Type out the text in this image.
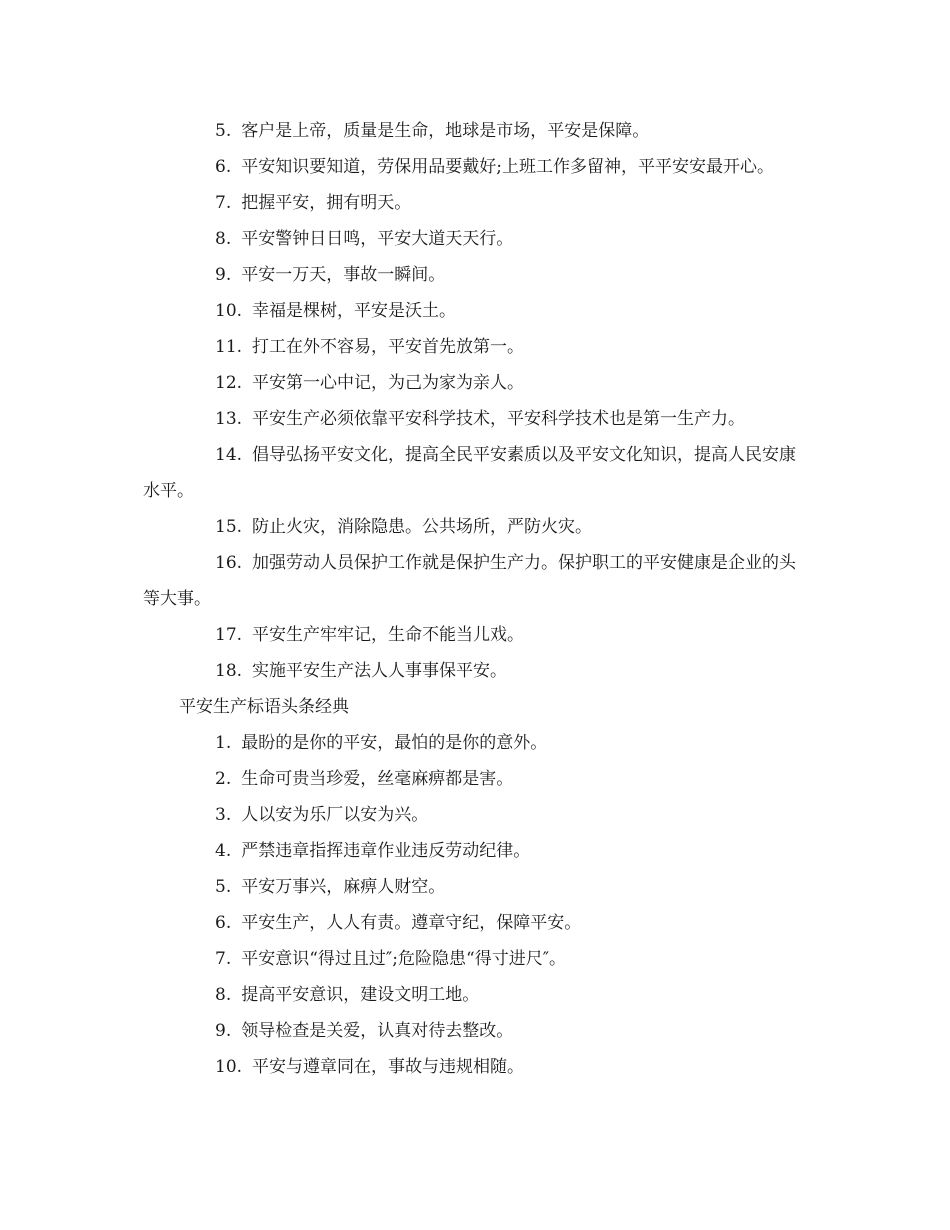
5. 客户是上帝，质量是生命，地球是市场，平安是保障。

6. 平安知识要知道，劳保用品要戴好;上班工作多留神，平平安安最开心。

7. 把握平安，拥有明天。

8. 平安警钟日日鸣，平安大道天天行。

9. 平安一万天，事故一瞬间。

10. 幸福是棵树，平安是沃土。

11. 打工在外不容易，平安首先放第一。

12. 平安第一心中记，为己为家为亲人。

13. 平安生产必须依靠平安科学技术，平安科学技术也是第一生产力。

14. 倡导弘扬平安文化，提高全民平安素质以及平安文化知识，提高人民安康水平。

15. 防止火灾，消除隐患。公共场所，严防火灾。

16. 加强劳动人员保护工作就是保护生产力。保护职工的平安健康是企业的头等大事。

17. 平安生产牢牢记，生命不能当儿戏。

18. 实施平安生产法人人事事保平安。

平安生产标语头条经典

1. 最盼的是你的平安，最怕的是你的意外。

2. 生命可贵当珍爱，丝毫麻痹都是害。

3. 人以安为乐厂以安为兴。

4. 严禁违章指挥违章作业违反劳动纪律。

5. 平安万事兴，麻痹人财空。

6. 平安生产，人人有责。遵章守纪，保障平安。

7. 平安意识“得过且过″;危险隐患“得寸进尺″。

8. 提高平安意识，建设文明工地。

9. 领导检查是关爱，认真对待去整改。

10. 平安与遵章同在，事故与违规相随。
